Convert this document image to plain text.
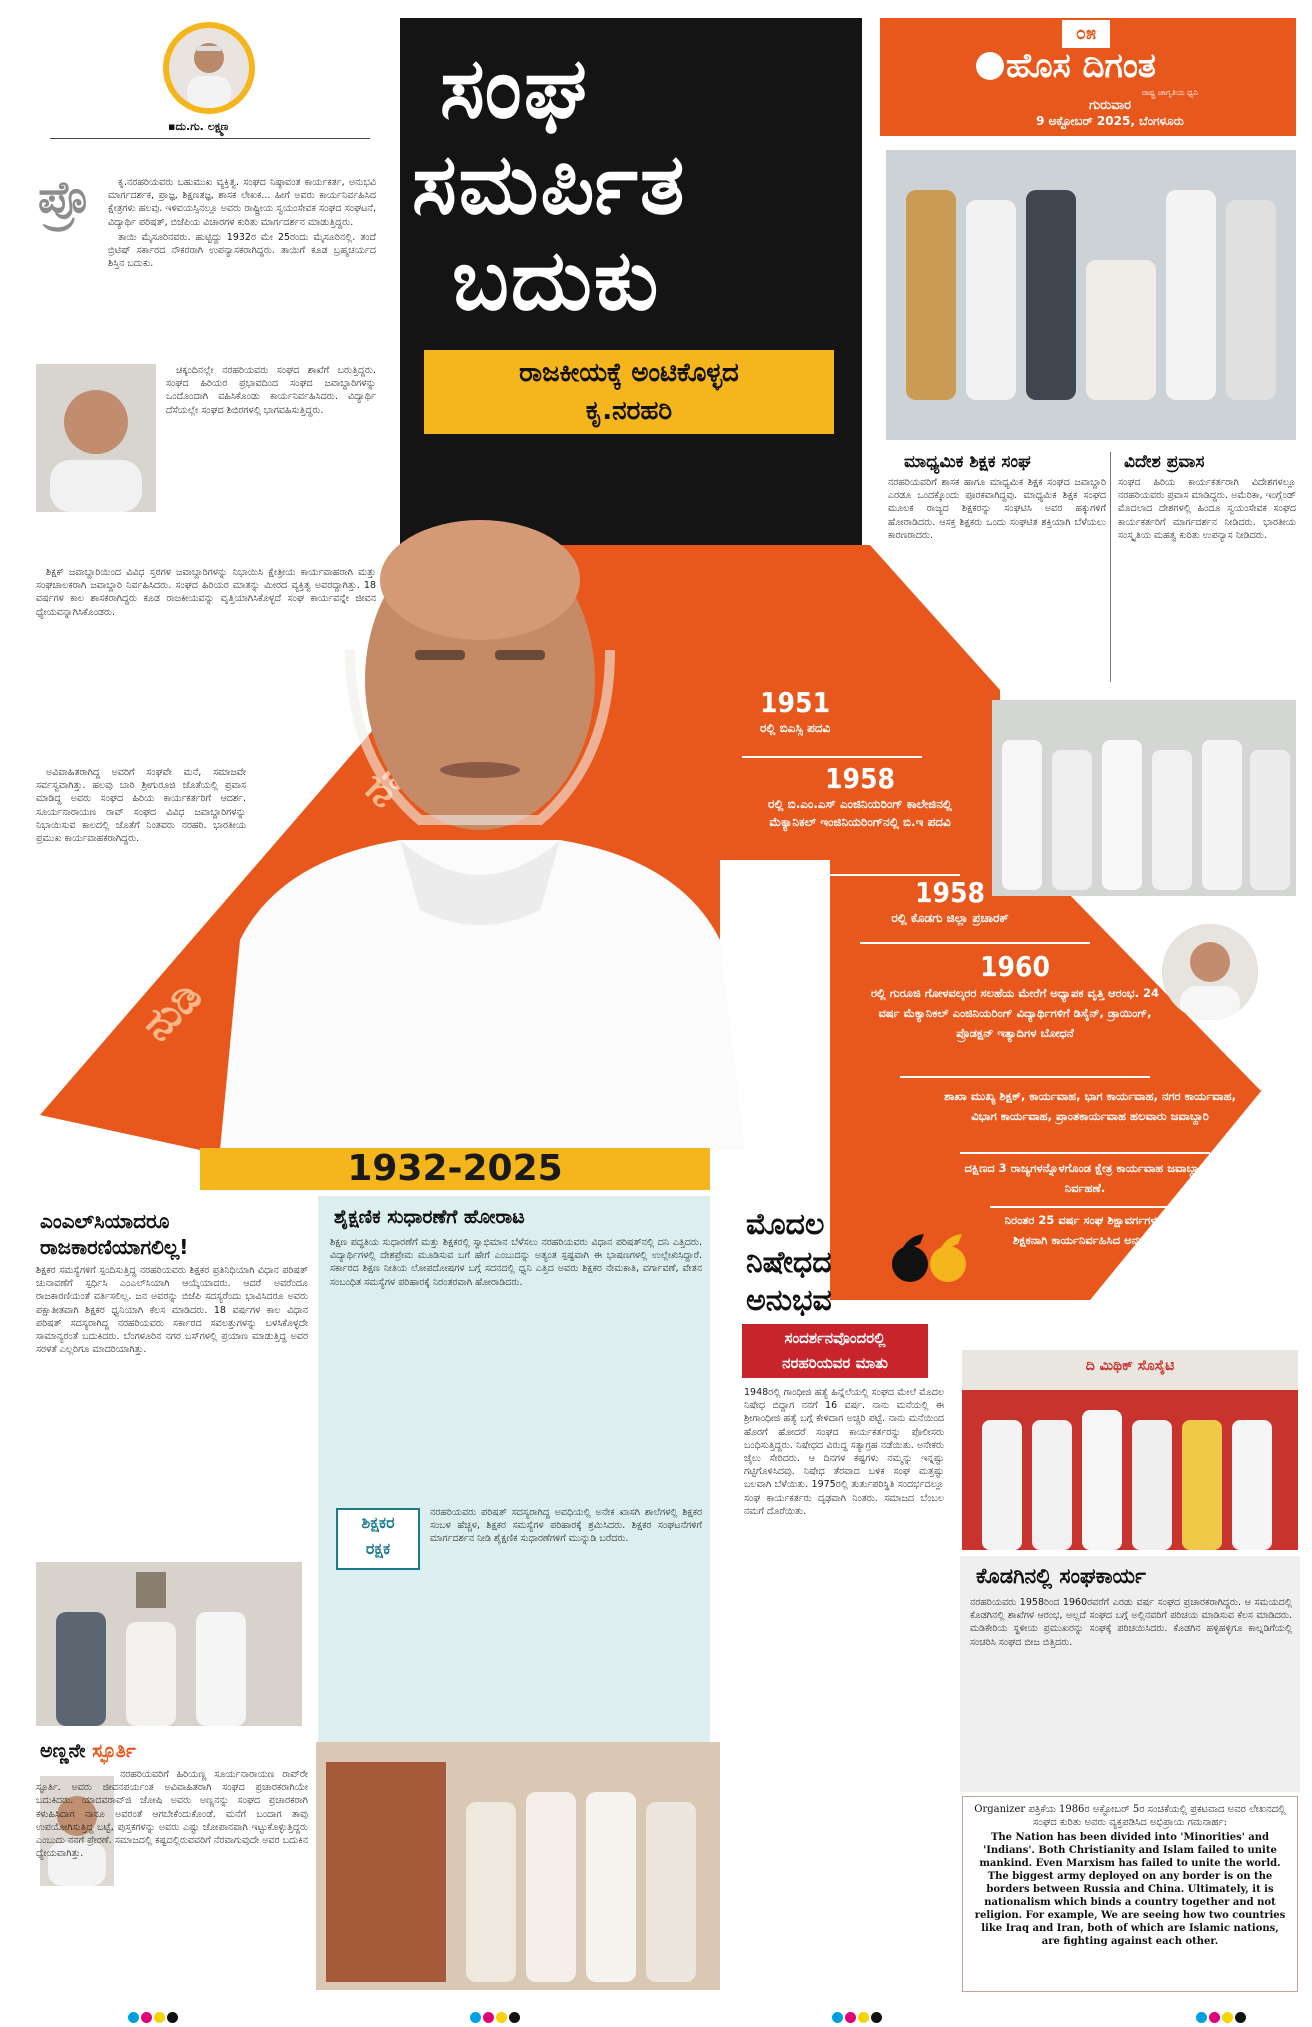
▪ದು.ಗು. ಲಕ್ಷ್ಮಣ
ಪ್ರೊ	ಕೃ.ನರಹರಿಯವರು ಬಹುಮುಖ ವ್ಯಕ್ತಿತ್ವ. ಸಂಘದ ನಿಷ್ಠಾವಂತ ಕಾರ್ಯಕರ್ತ, ಅನುಭವಿ ಮಾರ್ಗದರ್ಶಕ, ಪ್ರಾಜ್ಞ, ಶಿಕ್ಷಣತಜ್ಞ, ಶಾಸಕ ಲೇಖಕ... ಹೀಗೆ ಅವರು ಕಾರ್ಯನಿರ್ವಹಿಸಿದ ಕ್ಷೇತ್ರಗಳು ಹಲವು. ಇಳಿವಯಸ್ಸಿನಲ್ಲೂ ಅವರು ರಾಷ್ಟ್ರೀಯ ಸ್ವಯಂಸೇವಕ ಸಂಘದ ಸಂಘಟನೆ, ವಿದ್ಯಾರ್ಥಿ ಪರಿಷತ್, ಬಿಜೆಪಿಯ ವಿಚಾರಗಳ ಕುರಿತು ಮಾರ್ಗದರ್ಶನ ಮಾಡುತ್ತಿದ್ದರು.

ತಾಯಿ ಮೈಸೂರಿನವರು. ಹುಟ್ಟಿದ್ದು 1932ರ ಮೇ 25ರಂದು ಮೈಸೂರಿನಲ್ಲಿ. ತಂದೆ ಬ್ರಿಟಿಷ್ ಸರ್ಕಾರದ ನೌಕರರಾಗಿ ಉಪನ್ಯಾಸಕರಾಗಿದ್ದರು. ತಾಯಿಗೆ ಕೂಡ ಬ್ರಹ್ಮಚರ್ಯದ ಶಿಸ್ತಿನ ಬದುಕು.

ಚಿಕ್ಕಂದಿನಲ್ಲೇ ನರಹರಿಯವರು ಸಂಘದ ಶಾಖೆಗೆ ಬರುತ್ತಿದ್ದರು. ಸಂಘದ ಹಿರಿಯರ ಪ್ರಭಾವದಿಂದ ಸಂಘದ ಜವಾಬ್ದಾರಿಗಳನ್ನು ಒಂದೊಂದಾಗಿ ವಹಿಸಿಕೊಂಡು ಕಾರ್ಯನಿರ್ವಹಿಸಿದರು. ವಿದ್ಯಾರ್ಥಿ ದೆಸೆಯಲ್ಲೇ ಸಂಘದ ಶಿಬಿರಗಳಲ್ಲಿ ಭಾಗವಹಿಸುತ್ತಿದ್ದರು.

ಶಿಕ್ಷಕ್ ಜವಾಬ್ದಾರಿಯಿಂದ ವಿವಿಧ ಸ್ತರಗಳ ಜವಾಬ್ದಾರಿಗಳನ್ನು ನಿಭಾಯಿಸಿ ಕ್ಷೇತ್ರೀಯ ಕಾರ್ಯವಾಹರಾಗಿ ಮತ್ತು ಸಂಘಚಾಲಕರಾಗಿ ಜವಾಬ್ದಾರಿ ನಿರ್ವಹಿಸಿದರು. ಸಂಘದ ಹಿರಿಯರ ಮಾತನ್ನು ಮೀರದ ವ್ಯಕ್ತಿತ್ವ ಅವರದ್ದಾಗಿತ್ತು. 18 ವರ್ಷಗಳ ಕಾಲ ಶಾಸಕರಾಗಿದ್ದರು ಕೂಡ ರಾಜಕೀಯವನ್ನು ವೃತ್ತಿಯಾಗಿಸಿಕೊಳ್ಳದೆ ಸಂಘ ಕಾರ್ಯವನ್ನೇ ಜೀವನ ಧ್ಯೇಯವನ್ನಾಗಿಸಿಕೊಂಡರು.

ಅವಿವಾಹಿತರಾಗಿದ್ದ ಅವರಿಗೆ ಸಂಘವೇ ಮನೆ, ಸಮಾಜವೇ ಸರ್ವಸ್ವವಾಗಿತ್ತು. ಹಲವು ಬಾರಿ ಶ್ರೀಗುರೂಜಿ ಜೊತೆಯಲ್ಲಿ ಪ್ರವಾಸ ಮಾಡಿದ್ದ ಅವರು ಸಂಘದ ಹಿರಿಯ ಕಾರ್ಯಕರ್ತರಿಗೆ ಆದರ್ಶ. ಸೂರ್ಯನಾರಾಯಣ ರಾವ್ ಸಂಘದ ವಿವಿಧ ಜವಾಬ್ದಾರಿಗಳನ್ನು ನಿಭಾಯಿಸುವ ಕಾಲದಲ್ಲಿ ಜೊತೆಗೆ ನಿಂತವರು ನರಹರಿ. ಭಾರತೀಯ ಪ್ರಮುಖ ಕಾರ್ಯವಾಹಕರಾಗಿದ್ದರು.

ಸಂಘ
ಸಮರ್ಪಿತ
ಬದುಕು
ರಾಜಕೀಯಕ್ಕೆ ಅಂಟಿಕೊಳ್ಳದ
ಕೃ.ನರಹರಿ
ನುಡಿ
1932-2025
1951
ರಲ್ಲಿ ಬಿಎಸ್ಸಿ ಪದವಿ
1958
ರಲ್ಲಿ ಬಿ.ಎಂ.ಎಸ್ ಎಂಜಿನಿಯರಿಂಗ್ ಕಾಲೇಜಿನಲ್ಲಿ ಮೆಕ್ಯಾನಿಕಲ್ ಇಂಜಿನಿಯರಿಂಗ್‌ನಲ್ಲಿ ಬಿ.ಇ ಪದವಿ
1958
ರಲ್ಲಿ ಕೊಡಗು ಜಿಲ್ಲಾ ಪ್ರಚಾರಕ್
1960
ರಲ್ಲಿ ಗುರೂಜಿ ಗೋಳವಲ್ಕರರ ಸಲಹೆಯ ಮೇರೆಗೆ ಅಧ್ಯಾಪಕ ವೃತ್ತಿ ಆರಂಭ. 24 ವರ್ಷ ಮೆಕ್ಯಾನಿಕಲ್ ಎಂಜಿನಿಯರಿಂಗ್ ವಿದ್ಯಾರ್ಥಿಗಳಿಗೆ ಡಿಸೈನ್, ಡ್ರಾಯಿಂಗ್, ಪ್ರೊಡಕ್ಷನ್ ಇತ್ಯಾದಿಗಳ ಬೋಧನೆ
ಶಾಖಾ ಮುಖ್ಯ ಶಿಕ್ಷಕ್, ಕಾರ್ಯವಾಹ, ಭಾಗ ಕಾರ್ಯವಾಹ, ನಗರ ಕಾರ್ಯವಾಹ, ವಿಭಾಗ ಕಾರ್ಯವಾಹ, ಪ್ರಾಂತಕಾರ್ಯವಾಹ ಹಲವಾರು ಜವಾಬ್ದಾರಿ
ದಕ್ಷಿಣದ 3 ರಾಜ್ಯಗಳನ್ನೊಳಗೊಂಡ ಕ್ಷೇತ್ರ ಕಾರ್ಯವಾಹ ಜವಾಬ್ದಾರಿ ನಿರ್ವಹಣೆ.
ನಿರಂತರ 25 ವರ್ಷ ಸಂಘ ಶಿಕ್ಷಾವರ್ಗಗಳಲ್ಲಿ ಶಿಕ್ಷಕನಾಗಿ ಕಾರ್ಯನಿರ್ವಹಿಸಿದ ಅನುಭವ
೦೫
ಹೊಸ ದಿಗಂತ
ರಾಷ್ಟ್ರ ಜಾಗೃತಿಯ ಧ್ವನಿ
ಗುರುವಾರ
9 ಅಕ್ಟೋಬರ್ 2025, ಬೆಂಗಳೂರು
ಮಾಧ್ಯಮಿಕ ಶಿಕ್ಷಕ ಸಂಘ
ನರಹರಿಯವರಿಗೆ ಶಾಸಕ ಹಾಗೂ ಮಾಧ್ಯಮಿಕ ಶಿಕ್ಷಕ ಸಂಘದ ಜವಾಬ್ದಾರಿ ಎರಡೂ ಒಂದಕ್ಕೊಂದು ಪೂರಕವಾಗಿದ್ದವು. ಮಾಧ್ಯಮಿಕ ಶಿಕ್ಷಕ ಸಂಘದ ಮೂಲಕ ರಾಜ್ಯದ ಶಿಕ್ಷಕರನ್ನು ಸಂಘಟಿಸಿ ಅವರ ಹಕ್ಕುಗಳಿಗೆ ಹೋರಾಡಿದರು. ಆಸಕ್ತ ಶಿಕ್ಷಕರು ಒಂದು ಸಂಘಟಿತ ಶಕ್ತಿಯಾಗಿ ಬೆಳೆಯಲು ಕಾರಣರಾದರು.
ವಿದೇಶ ಪ್ರವಾಸ
ಸಂಘದ ಹಿರಿಯ ಕಾರ್ಯಕರ್ತರಾಗಿ ವಿದೇಶಗಳಲ್ಲೂ ನರಹರಿಯವರು ಪ್ರವಾಸ ಮಾಡಿದ್ದರು. ಅಮೆರಿಕಾ, ಇಂಗ್ಲೆಂಡ್ ಮೊದಲಾದ ದೇಶಗಳಲ್ಲಿ ಹಿಂದೂ ಸ್ವಯಂಸೇವಕ ಸಂಘದ ಕಾರ್ಯಕರ್ತರಿಗೆ ಮಾರ್ಗದರ್ಶನ ನೀಡಿದರು. ಭಾರತೀಯ ಸಂಸ್ಕೃತಿಯ ಮಹತ್ವ ಕುರಿತು ಉಪನ್ಯಾಸ ನೀಡಿದರು.
ಎಂಎಲ್‌ಸಿಯಾದರೂ
ರಾಜಕಾರಣಿಯಾಗಲಿಲ್ಲ!
ಶಿಕ್ಷಕರ ಸಮಸ್ಯೆಗಳಿಗೆ ಸ್ಪಂದಿಸುತ್ತಿದ್ದ ನರಹರಿಯವರು ಶಿಕ್ಷಕರ ಪ್ರತಿನಿಧಿಯಾಗಿ ವಿಧಾನ ಪರಿಷತ್ ಚುನಾವಣೆಗೆ ಸ್ಪರ್ಧಿಸಿ ಎಂಎಲ್‌ಸಿಯಾಗಿ ಆಯ್ಕೆಯಾದರು. ಆದರೆ ಅವರೆಂದೂ ರಾಜಕಾರಣಿಯಂತೆ ವರ್ತಿಸಲಿಲ್ಲ. ಜನ ಅವರನ್ನು ಬಿಜೆಪಿ ಸದಸ್ಯರೆಂದು ಭಾವಿಸಿದರೂ ಅವರು ಪಕ್ಷಾತೀತವಾಗಿ ಶಿಕ್ಷಕರ ಧ್ವನಿಯಾಗಿ ಕೆಲಸ ಮಾಡಿದರು. 18 ವರ್ಷಗಳ ಕಾಲ ವಿಧಾನ ಪರಿಷತ್ ಸದಸ್ಯರಾಗಿದ್ದ ನರಹರಿಯವರು ಸರ್ಕಾರದ ಸವಲತ್ತುಗಳನ್ನು ಬಳಸಿಕೊಳ್ಳದೇ ಸಾಮಾನ್ಯರಂತೆ ಬದುಕಿದರು. ಬೆಂಗಳೂರಿನ ನಗರ ಬಸ್‌ಗಳಲ್ಲಿ ಪ್ರಯಾಣ ಮಾಡುತ್ತಿದ್ದ ಅವರ ಸರಳತೆ ಎಲ್ಲರಿಗೂ ಮಾದರಿಯಾಗಿತ್ತು.
ಅಣ್ಣನೇ ಸ್ಫೂರ್ತಿ
ನರಹರಿಯವರಿಗೆ ಹಿರಿಯಣ್ಣ ಸೂರ್ಯನಾರಾಯಣ ರಾವ್‌ರೇ ಸ್ಫೂರ್ತಿ. ಅವರು ಜೀವನಪರ್ಯಂತ ಅವಿವಾಹಿತರಾಗಿ ಸಂಘದ ಪ್ರಚಾರಕರಾಗಿಯೇ ಬದುಕಿದರು. ಯಾದವರಾವ್‌ಜಿ ಜೋಷಿ ಅವರು ಅಣ್ಣನನ್ನು ಸಂಘದ ಪ್ರಚಾರಕರಾಗಿ ಕಳುಹಿಸಿದಾಗ ನಾನೂ ಅವರಂತೆ ಆಗಬೇಕೆಂದುಕೊಂಡೆ. ಮನೆಗೆ ಬಂದಾಗ ತಾವು ಉಪಯೋಗಿಸುತ್ತಿದ್ದ ಬಟ್ಟೆ, ಪುಸ್ತಕಗಳನ್ನು ಅವರು ಎಷ್ಟು ಜೋಪಾನವಾಗಿ ಇಟ್ಟುಕೊಳ್ಳುತ್ತಿದ್ದರು ಎಂಬುದು ನನಗೆ ಪ್ರೇರಣೆ. ಸಮಾಜದಲ್ಲಿ ಕಷ್ಟದಲ್ಲಿರುವವರಿಗೆ ನೆರವಾಗುವುದೇ ಅವರ ಬದುಕಿನ ಧ್ಯೇಯವಾಗಿತ್ತು.
ಶೈಕ್ಷಣಿಕ ಸುಧಾರಣೆಗೆ ಹೋರಾಟ
ಶಿಕ್ಷಣ ಪದ್ಧತಿಯ ಸುಧಾರಣೆಗೆ ಮತ್ತು ಶಿಕ್ಷಕರಲ್ಲಿ ಸ್ವಾಭಿಮಾನ ಬೆಳೆಸಲು ನರಹರಿಯವರು ವಿಧಾನ ಪರಿಷತ್‌ನಲ್ಲಿ ದನಿ ಎತ್ತಿದರು. ವಿದ್ಯಾರ್ಥಿಗಳಲ್ಲಿ ದೇಶಪ್ರೇಮ ಮೂಡಿಸುವ ಬಗೆ ಹೇಗೆ ಎಂಬುದನ್ನು ಅತ್ಯಂತ ಸ್ಪಷ್ಟವಾಗಿ ಈ ಭಾಷಣಗಳಲ್ಲಿ ಉಲ್ಲೇಖಿಸಿದ್ದಾರೆ. ಸರ್ಕಾರದ ಶಿಕ್ಷಣ ನೀತಿಯ ಲೋಪದೋಷಗಳ ಬಗ್ಗೆ ಸದನದಲ್ಲಿ ಧ್ವನಿ ಎತ್ತಿದ ಅವರು ಶಿಕ್ಷಕರ ನೇಮಕಾತಿ, ವರ್ಗಾವಣೆ, ವೇತನ ಸಂಬಂಧಿತ ಸಮಸ್ಯೆಗಳ ಪರಿಹಾರಕ್ಕೆ ನಿರಂತರವಾಗಿ ಹೋರಾಡಿದರು.
ಶಿಕ್ಷಕರ
ರಕ್ಷಕ
ನರಹರಿಯವರು ಪರಿಷತ್ ಸದಸ್ಯರಾಗಿದ್ದ ಅವಧಿಯಲ್ಲಿ ಅನೇಕ ಖಾಸಗಿ ಶಾಲೆಗಳಲ್ಲಿ ಶಿಕ್ಷಕರ ಸಂಬಳ ಹೆಚ್ಚಳ, ಶಿಕ್ಷಕರ ಸಮಸ್ಯೆಗಳ ಪರಿಹಾರಕ್ಕೆ ಶ್ರಮಿಸಿದರು. ಶಿಕ್ಷಕರ ಸಂಘಟನೆಗಳಿಗೆ ಮಾರ್ಗದರ್ಶನ ನೀಡಿ ಶೈಕ್ಷಣಿಕ ಸುಧಾರಣೆಗಳಿಗೆ ಮುನ್ನುಡಿ ಬರೆದರು.
ಮೊದಲ
ನಿಷೇಧದ
ಅನುಭವ
ಸಂದರ್ಶನವೊಂದರಲ್ಲಿ
ನರಹರಿಯವರ ಮಾತು
1948ರಲ್ಲಿ ಗಾಂಧೀಜಿ ಹತ್ಯೆ ಹಿನ್ನೆಲೆಯಲ್ಲಿ ಸಂಘದ ಮೇಲೆ ಮೊದಲ ನಿಷೇಧ ಬಿದ್ದಾಗ ನನಗೆ 16 ವರ್ಷ. ನಾನು ಮನೆಯಲ್ಲಿ ಈ ಶ್ರೀಗಾಂಧೀಜಿ ಹತ್ಯೆ ಬಗ್ಗೆ ಕೇಳಿದಾಗ ಅಚ್ಚರಿ ಪಟ್ಟೆ. ನಾನು ಮನೆಯಿಂದ ಹೊರಗೆ ಹೋದರೆ ಸಂಘದ ಕಾರ್ಯಕರ್ತರನ್ನು ಪೊಲೀಸರು ಬಂಧಿಸುತ್ತಿದ್ದರು. ನಿಷೇಧದ ವಿರುದ್ಧ ಸತ್ಯಾಗ್ರಹ ನಡೆಯಿತು. ಅನೇಕರು ಜೈಲು ಸೇರಿದರು. ಆ ದಿನಗಳ ಕಷ್ಟಗಳು ನಮ್ಮನ್ನು ಇನ್ನಷ್ಟು ಗಟ್ಟಿಗೊಳಿಸಿದವು. ನಿಷೇಧ ತೆರವಾದ ಬಳಿಕ ಸಂಘ ಮತ್ತಷ್ಟು ಬಲವಾಗಿ ಬೆಳೆಯಿತು. 1975ರಲ್ಲಿ ತುರ್ತುಪರಿಸ್ಥಿತಿ ಸಂದರ್ಭದಲ್ಲೂ ಸಂಘ ಕಾರ್ಯಕರ್ತರು ದೃಢವಾಗಿ ನಿಂತರು. ಸಮಾಜದ ಬೆಂಬಲ ನಮಗೆ ದೊರೆಯಿತು.
ದಿ ಮಿಥಿಕ್ ಸೊಸೈಟಿ
ಕೊಡಗಿನಲ್ಲಿ ಸಂಘಕಾರ್ಯ
ನರಹರಿಯವರು 1958ರಿಂದ 1960ರವರೆಗೆ ಎರಡು ವರ್ಷ ಸಂಘದ ಪ್ರಚಾರಕರಾಗಿದ್ದರು. ಆ ಸಮಯದಲ್ಲಿ ಕೊಡಗಿನಲ್ಲಿ ಶಾಖೆಗಳ ಆರಂಭ, ಅಲ್ಲದೆ ಸಂಘದ ಬಗ್ಗೆ ಅಲ್ಲಿನವರಿಗೆ ಪರಿಚಯ ಮಾಡಿಸುವ ಕೆಲಸ ಮಾಡಿದರು. ಮಡಿಕೇರಿಯ ಸ್ಥಳೀಯ ಪ್ರಮುಖರನ್ನು ಸಂಘಕ್ಕೆ ಪರಿಚಯಿಸಿದರು. ಕೊಡಗಿನ ಹಳ್ಳಿಹಳ್ಳಿಗೂ ಕಾಲ್ನಡಿಗೆಯಲ್ಲಿ ಸಂಚರಿಸಿ ಸಂಘದ ಬೀಜ ಬಿತ್ತಿದರು.
Organizer ಪತ್ರಿಕೆಯ 1986ರ ಅಕ್ಟೋಬರ್ 5ರ ಸಂಚಿಕೆಯಲ್ಲಿ ಪ್ರಕಟವಾದ ಅವರ ಲೇಖನದಲ್ಲಿ ಸಂಘದ ಕುರಿತು ಅವರು ವ್ಯಕ್ತಪಡಿಸಿದ ಅಭಿಪ್ರಾಯ ಗಮನಾರ್ಹ:
The Nation has been divided into 'Minorities' and 'Indians'. Both Christianity and Islam failed to unite mankind. Even Marxism has failed to unite the world. The biggest army deployed on any border is on the borders between Russia and China. Ultimately, it is nationalism which binds a country together and not religion. For example, We are seeing how two countries like Iraq and Iran, both of which are Islamic nations, are fighting against each other.
